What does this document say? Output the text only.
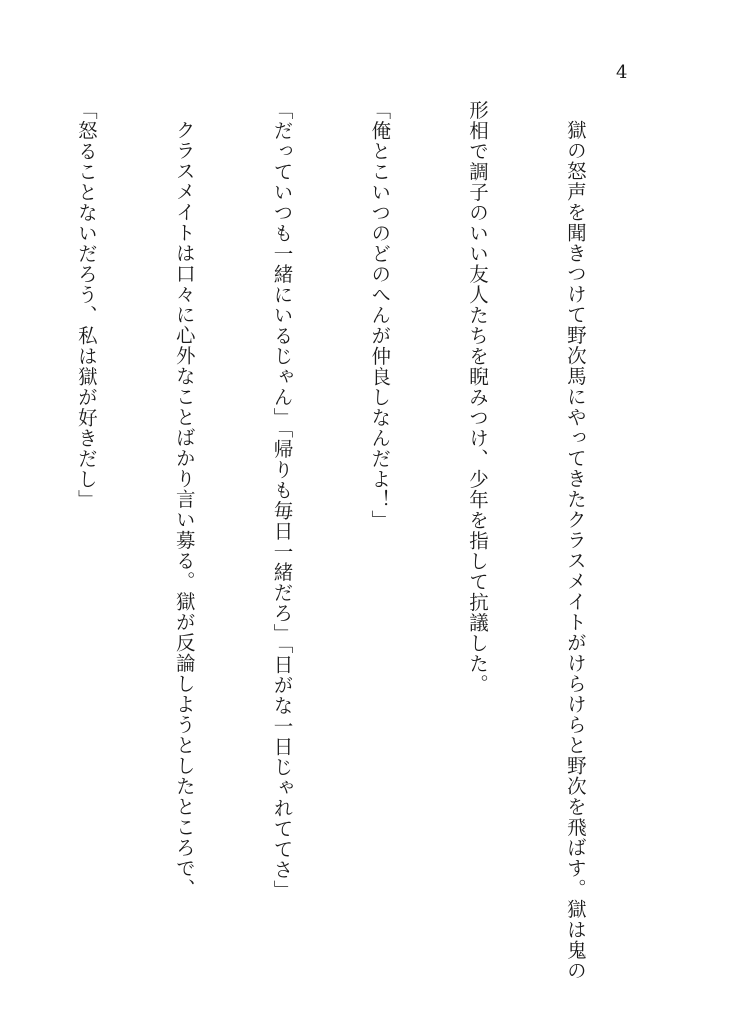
4

獄の怒声を聞きつけて野次馬にやってきたクラスメイトがけらけらと野次を飛ばす。獄は鬼の

形相で調子のいい友人たちを睨みつけ、少年を指して抗議した。

「俺とこいつのどのへんが仲良しなんだよ！」

「だっていつも一緒にいるじゃん」「帰りも毎日一緒だろ」「日がな一日じゃれててさ」

クラスメイトは口々に心外なことばかり言い募る。獄が反論しようとしたところで、

「怒ることないだろう、私は獄が好きだし」
